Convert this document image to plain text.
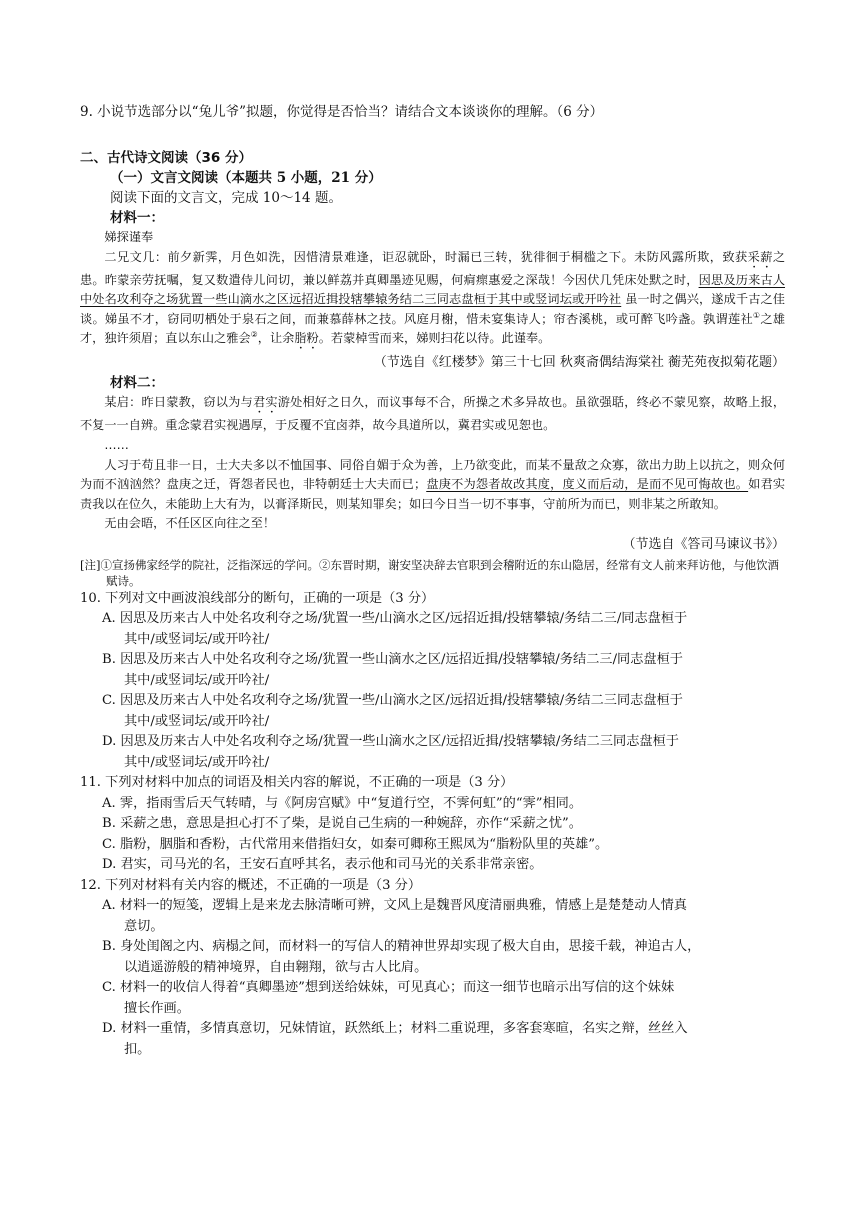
9. 小说节选部分以“兔儿爷”拟题，你觉得是否恰当？请结合文本谈谈你的理解。（6 分）
二、古代诗文阅读（36 分）
（一）文言文阅读（本题共 5 小题，21 分）
阅读下面的文言文，完成 10～14 题。
材料一：

娣探谨奉

二兄文几：前夕新霁，月色如洗，因惜清景难逢，讵忍就卧，时漏已三转，犹徘徊于桐槛之下。未防风露所欺，致获采薪之患。昨蒙亲劳抚嘱，复又数遣侍儿问切，兼以鲜荔并真卿墨迹见赐，何痌瘝惠爱之深哉！今因伏几凭床处默之时，因思及历来古人中处名攻利夺之场犹置一些山滴水之区远招近揖投辖攀辕务结二三同志盘桓于其中或竖词坛或开吟社 虽一时之偶兴，遂成千古之佳谈。娣虽不才，窃同叨栖处于泉石之间，而兼慕薛林之技。风庭月榭，惜未宴集诗人；帘杏溪桃，或可醉飞吟盏。孰谓莲社①之雄才，独许须眉；直以东山之雅会②，让余脂粉。若蒙棹雪而来，娣则扫花以待。此谨奉。

（节选自《红楼梦》第三十七回 秋爽斋偶结海棠社 蘅芜苑夜拟菊花题）
材料二：

某启：昨日蒙教，窃以为与君实游处相好之日久，而议事每不合，所操之术多异故也。虽欲强聒，终必不蒙见察，故略上报，不复一一自辨。重念蒙君实视遇厚，于反覆不宜卤莽，故今具道所以，冀君实或见恕也。

……

人习于苟且非一日，士大夫多以不恤国事、同俗自媚于众为善，上乃欲变此，而某不量敌之众寡，欲出力助上以抗之，则众何为而不汹汹然？盘庚之迁，胥怨者民也，非特朝廷士大夫而已；盘庚不为怨者故改其度，度义而后动，是而不见可悔故也。如君实责我以在位久，未能助上大有为，以膏泽斯民，则某知罪矣；如曰今日当一切不事事，守前所为而已，则非某之所敢知。

无由会晤，不任区区向往之至！

（节选自《答司马谏议书》）
[注]①宣扬佛家经学的院社，泛指深远的学问。②东晋时期，谢安坚决辞去官职到会稽附近的东山隐居，经常有文人前来拜访他，与他饮酒赋诗。
10. 下列对文中画波浪线部分的断句，正确的一项是（3 分）
A. 因思及历来古人中处名攻利夺之场/犹置一些/山滴水之区/远招近揖/投辖攀辕/务结二三/同志盘桓于
其中/或竖词坛/或开吟社/
B. 因思及历来古人中处名攻利夺之场/犹置一些山滴水之区/远招近揖/投辖攀辕/务结二三/同志盘桓于
其中/或竖词坛/或开吟社/
C. 因思及历来古人中处名攻利夺之场/犹置一些/山滴水之区/远招近揖/投辖攀辕/务结二三同志盘桓于
其中/或竖词坛/或开吟社/
D. 因思及历来古人中处名攻利夺之场/犹置一些山滴水之区/远招近揖/投辖攀辕/务结二三同志盘桓于
其中/或竖词坛/或开吟社/
11. 下列对材料中加点的词语及相关内容的解说，不正确的一项是（3 分）
A. 霁，指雨雪后天气转晴，与《阿房宫赋》中“复道行空，不霁何虹”的“霁”相同。
B. 采薪之患，意思是担心打不了柴，是说自己生病的一种婉辞，亦作“采薪之忧”。
C. 脂粉，胭脂和香粉，古代常用来借指妇女，如秦可卿称王熙凤为“脂粉队里的英雄”。
D. 君实，司马光的名，王安石直呼其名，表示他和司马光的关系非常亲密。
12. 下列对材料有关内容的概述，不正确的一项是（3 分）
A. 材料一的短笺，逻辑上是来龙去脉清晰可辨，文风上是魏晋风度清丽典雅，情感上是楚楚动人情真
意切。
B. 身处闺阁之内、病榻之间，而材料一的写信人的精神世界却实现了极大自由，思接千载，神追古人，
以逍遥游般的精神境界，自由翱翔，欲与古人比肩。
C. 材料一的收信人得着“真卿墨迹”想到送给妹妹，可见真心；而这一细节也暗示出写信的这个妹妹
擅长作画。
D. 材料一重情，多情真意切，兄妹情谊，跃然纸上；材料二重说理，多客套寒暄，名实之辩，丝丝入
扣。
